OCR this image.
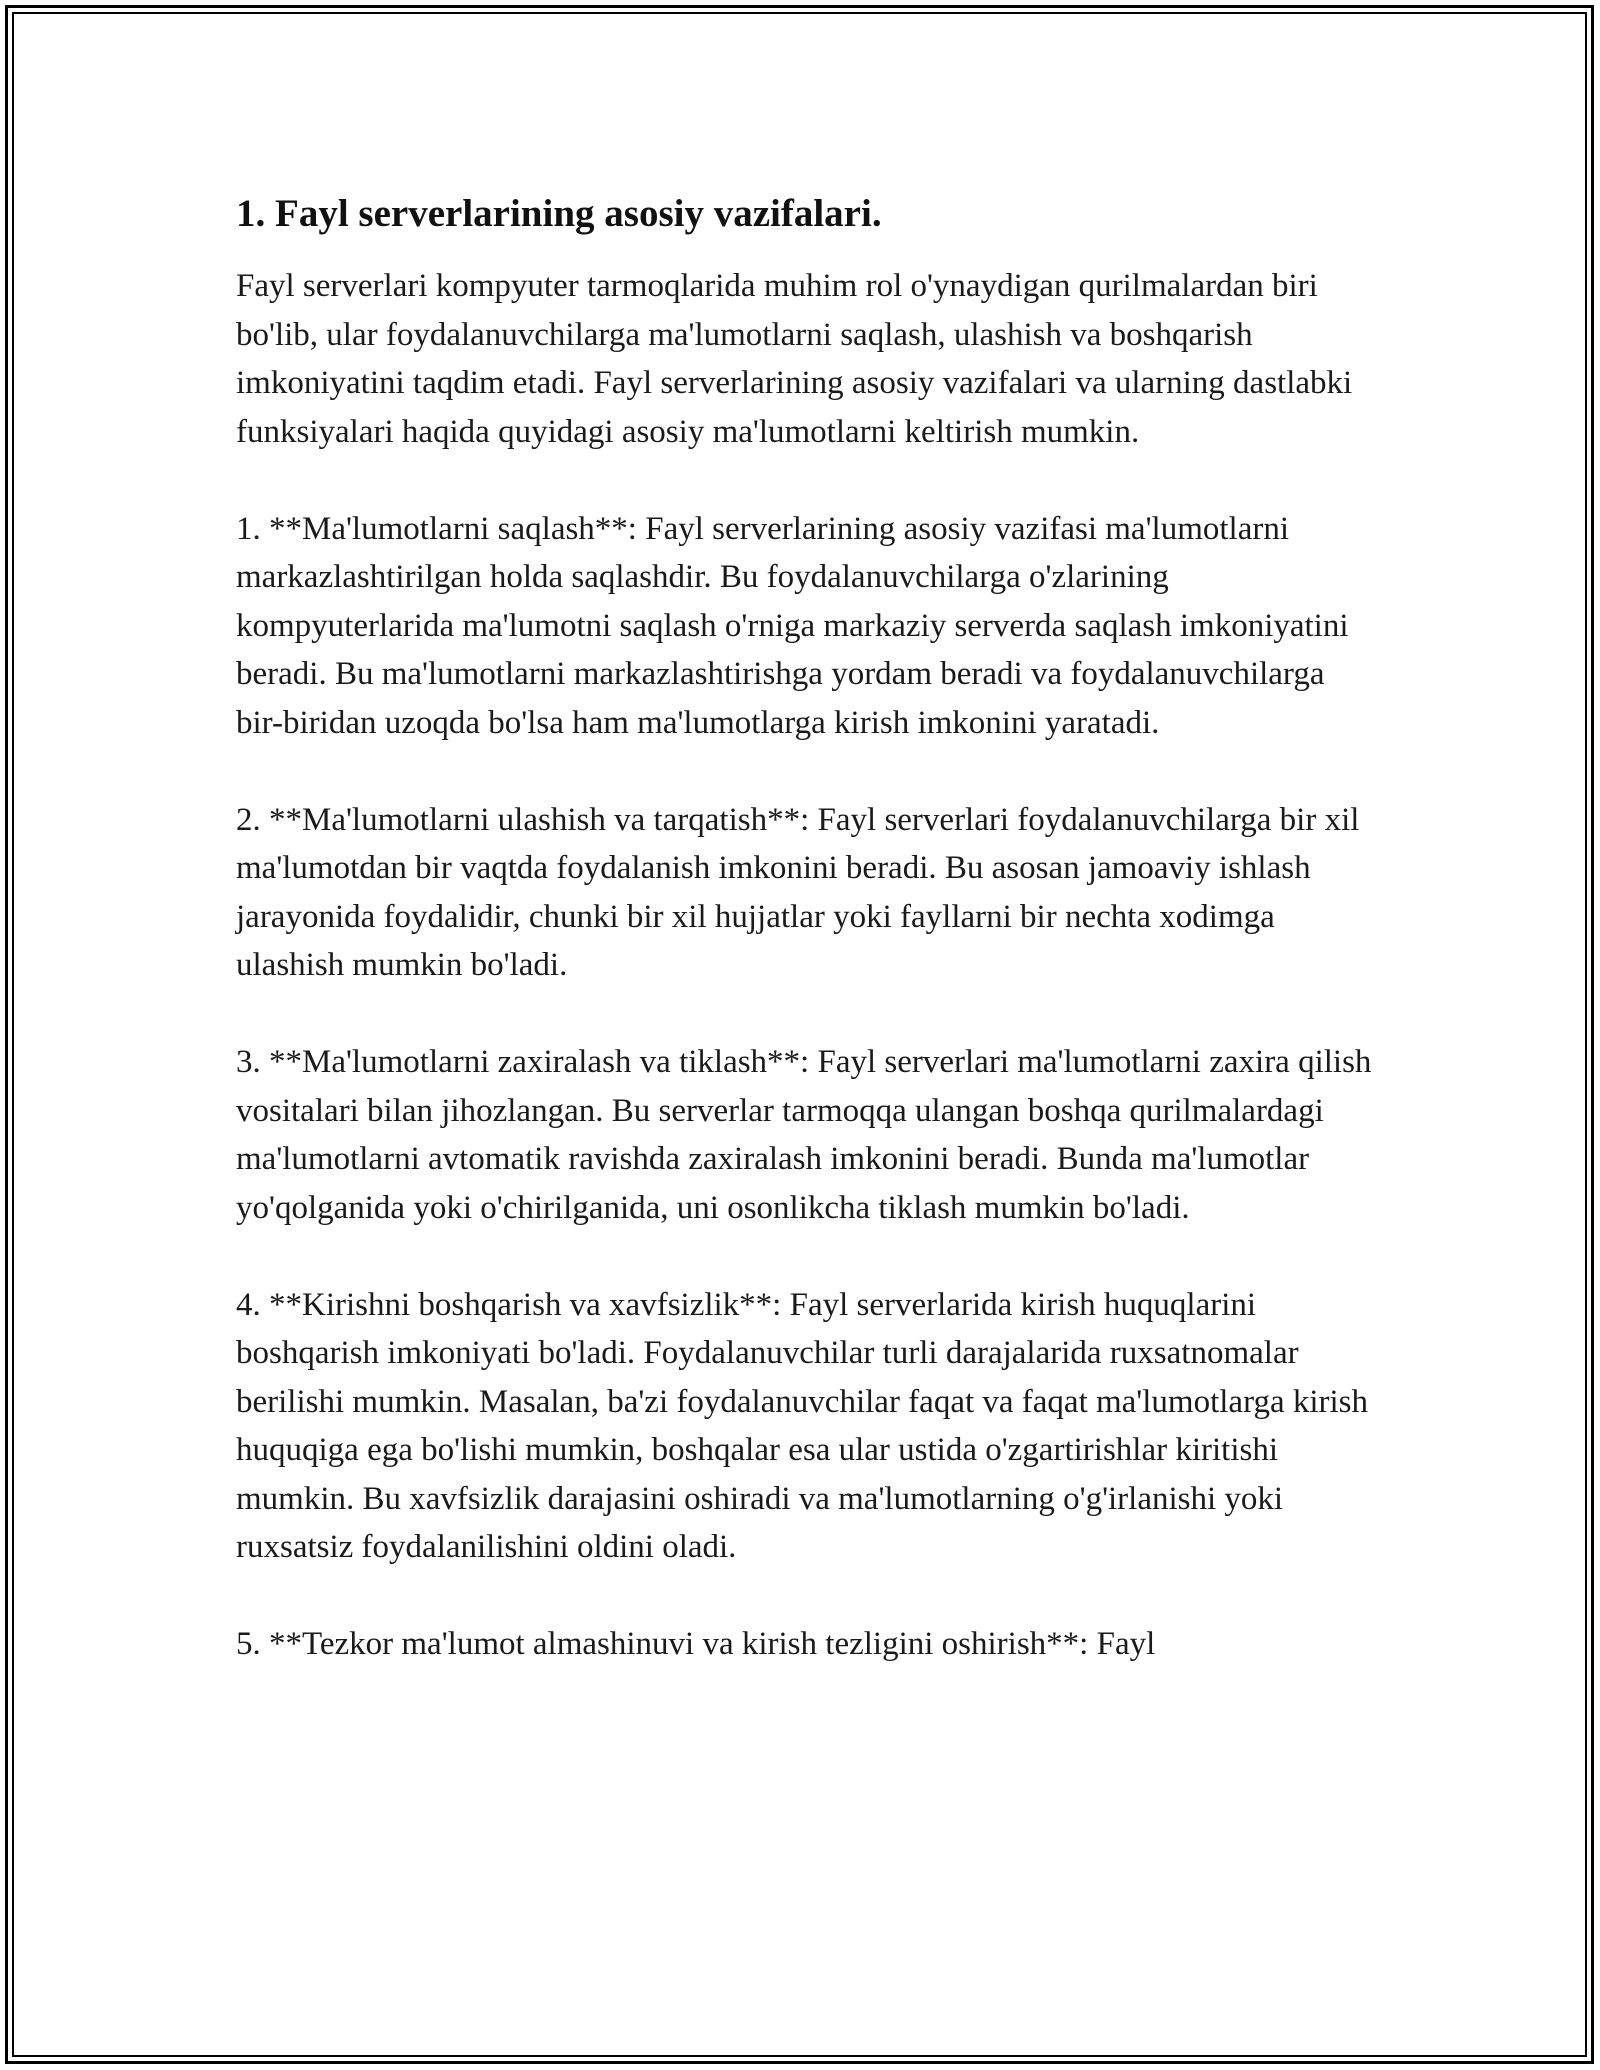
1. Fayl serverlarining asosiy vazifalari.

Fayl serverlari kompyuter tarmoqlarida muhim rol o'ynaydigan qurilmalardan biri bo'lib, ular foydalanuvchilarga ma'lumotlarni saqlash, ulashish va boshqarish imkoniyatini taqdim etadi. Fayl serverlarining asosiy vazifalari va ularning dastlabki funksiyalari haqida quyidagi asosiy ma'lumotlarni keltirish mumkin.

1. **Ma'lumotlarni saqlash**: Fayl serverlarining asosiy vazifasi ma'lumotlarni markazlashtirilgan holda saqlashdir. Bu foydalanuvchilarga o'zlarining kompyuterlarida ma'lumotni saqlash o'rniga markaziy serverda saqlash imkoniyatini beradi. Bu ma'lumotlarni markazlashtirishga yordam beradi va foydalanuvchilarga bir-biridan uzoqda bo'lsa ham ma'lumotlarga kirish imkonini yaratadi.

2. **Ma'lumotlarni ulashish va tarqatish**: Fayl serverlari foydalanuvchilarga bir xil ma'lumotdan bir vaqtda foydalanish imkonini beradi. Bu asosan jamoaviy ishlash jarayonida foydalidir, chunki bir xil hujjatlar yoki fayllarni bir nechta xodimga ulashish mumkin bo'ladi.

3. **Ma'lumotlarni zaxiralash va tiklash**: Fayl serverlari ma'lumotlarni zaxira qilish vositalari bilan jihozlangan. Bu serverlar tarmoqqa ulangan boshqa qurilmalardagi ma'lumotlarni avtomatik ravishda zaxiralash imkonini beradi. Bunda ma'lumotlar yo'qolganida yoki o'chirilganida, uni osonlikcha tiklash mumkin bo'ladi.

4. **Kirishni boshqarish va xavfsizlik**: Fayl serverlarida kirish huquqlarini boshqarish imkoniyati bo'ladi. Foydalanuvchilar turli darajalarida ruxsatnomalar berilishi mumkin. Masalan, ba'zi foydalanuvchilar faqat va faqat ma'lumotlarga kirish huquqiga ega bo'lishi mumkin, boshqalar esa ular ustida o'zgartirishlar kiritishi mumkin. Bu xavfsizlik darajasini oshiradi va ma'lumotlarning o'g'irlanishi yoki ruxsatsiz foydalanilishini oldini oladi.

5. **Tezkor ma'lumot almashinuvi va kirish tezligini oshirish**: Fayl
